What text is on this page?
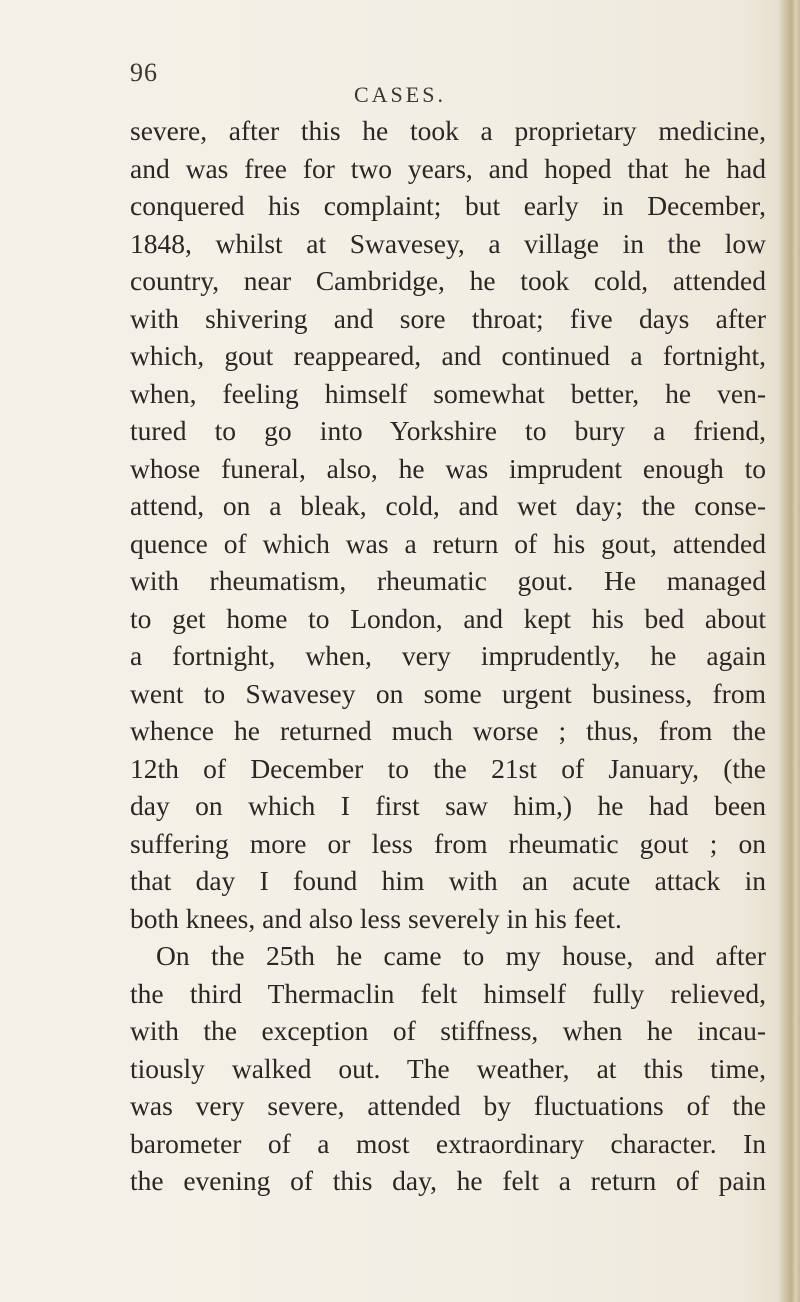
96
CASES.
severe, after this he took a proprietary medicine,
and was free for two years, and hoped that he had
conquered his complaint; but early in December,
1848, whilst at Swavesey, a village in the low
country, near Cambridge, he took cold, attended
with shivering and sore throat; five days after
which, gout reappeared, and continued a fortnight,
when, feeling himself somewhat better, he ven-
tured to go into Yorkshire to bury a friend,
whose funeral, also, he was imprudent enough to
attend, on a bleak, cold, and wet day; the conse-
quence of which was a return of his gout, attended
with rheumatism, rheumatic gout. He managed
to get home to London, and kept his bed about
a fortnight, when, very imprudently, he again
went to Swavesey on some urgent business, from
whence he returned much worse ; thus, from the
12th of December to the 21st of January, (the
day on which I first saw him,) he had been
suffering more or less from rheumatic gout ; on
that day I found him with an acute attack in
both knees, and also less severely in his feet.
On the 25th he came to my house, and after
the third Thermaclin felt himself fully relieved,
with the exception of stiffness, when he incau-
tiously walked out. The weather, at this time,
was very severe, attended by fluctuations of the
barometer of a most extraordinary character. In
the evening of this day, he felt a return of pain
